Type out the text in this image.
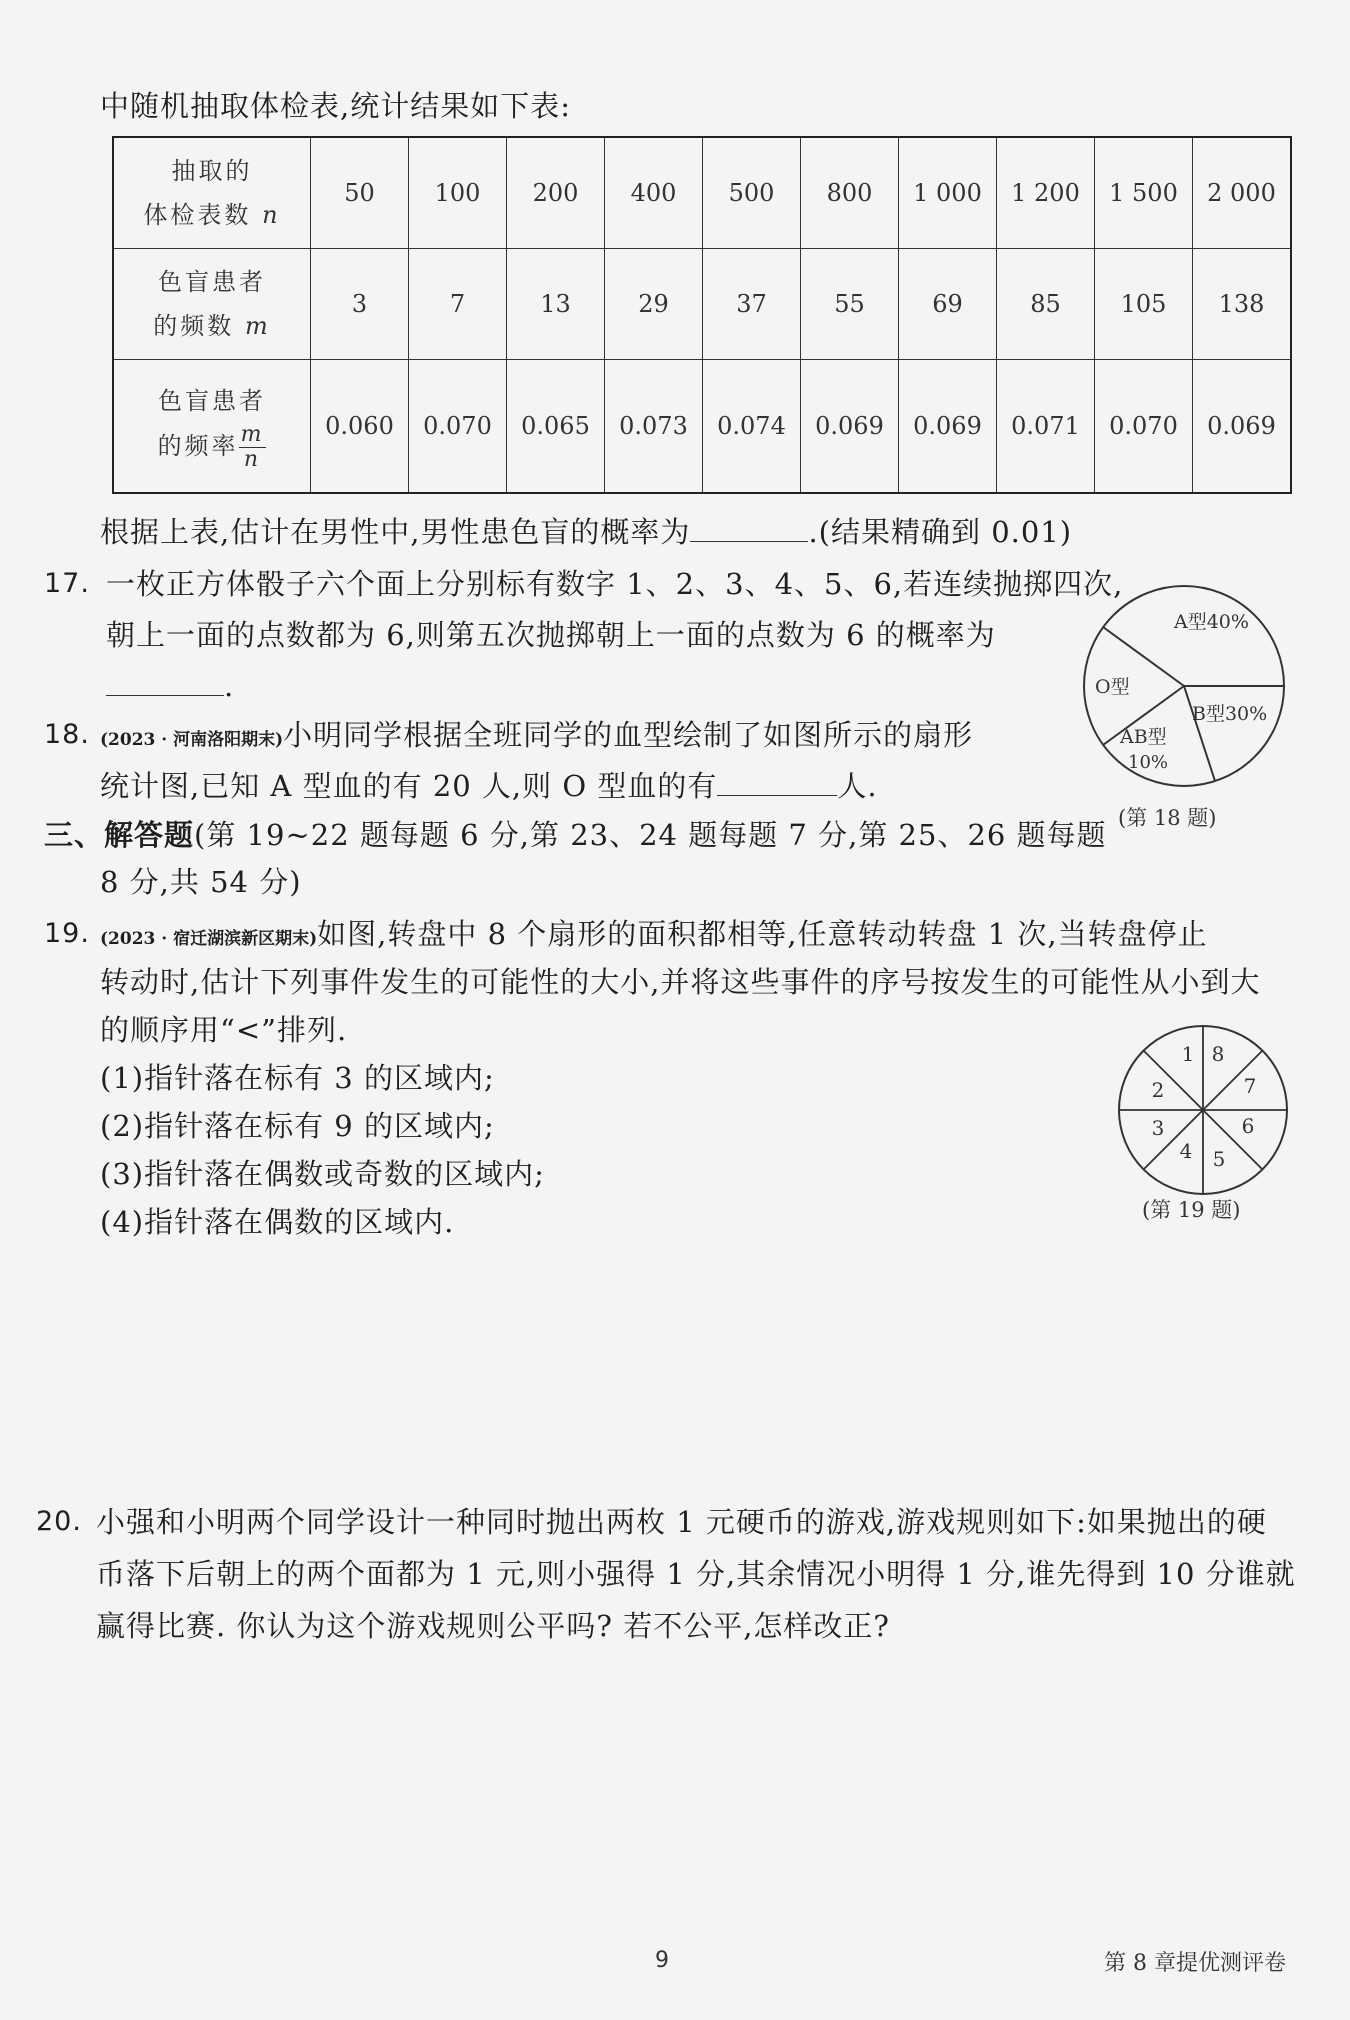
中随机抽取体检表,统计结果如下表:
抽取的
体检表数 n	50	100	200	400	500	800	1 000	1 200	1 500	2 000

色盲患者
的频数 m	3	7	13	29	37	55	69	85	105	138

色盲患者
的频率 $\frac{m}{n}$	0.060	0.070	0.065	0.073	0.074	0.069	0.069	0.071	0.070	0.069
根据上表,估计在男性中,男性患色盲的概率为	.(结果精确到 0.01)
17. 一枚正方体骰子六个面上分别标有数字 1、2、3、4、5、6,若连续抛掷四次,
朝上一面的点数都为 6,则第五次抛掷朝上一面的点数为 6 的概率为
.
18. (2023 · 河南洛阳期末)小明同学根据全班同学的血型绘制了如图所示的扇形
统计图,已知 A 型血的有 20 人,则 O 型血的有	人.
A型40%
B型30%
AB型
10%
O型
(第 18 题)
三、解答题(第 19~22 题每题 6 分,第 23、24 题每题 7 分,第 25、26 题每题
8 分,共 54 分)
19. (2023 · 宿迁湖滨新区期末)如图,转盘中 8 个扇形的面积都相等,任意转动转盘 1 次,当转盘停止
转动时,估计下列事件发生的可能性的大小,并将这些事件的序号按发生的可能性从小到大
的顺序用“<”排列.
(1)指针落在标有 3 的区域内;
(2)指针落在标有 9 的区域内;
(3)指针落在偶数或奇数的区域内;
(4)指针落在偶数的区域内.
1 8
7
6
5
4
3
2
(第 19 题)
20. 小强和小明两个同学设计一种同时抛出两枚 1 元硬币的游戏,游戏规则如下:如果抛出的硬
币落下后朝上的两个面都为 1 元,则小强得 1 分,其余情况小明得 1 分,谁先得到 10 分谁就
赢得比赛. 你认为这个游戏规则公平吗? 若不公平,怎样改正?
9	第 8 章提优测评卷
